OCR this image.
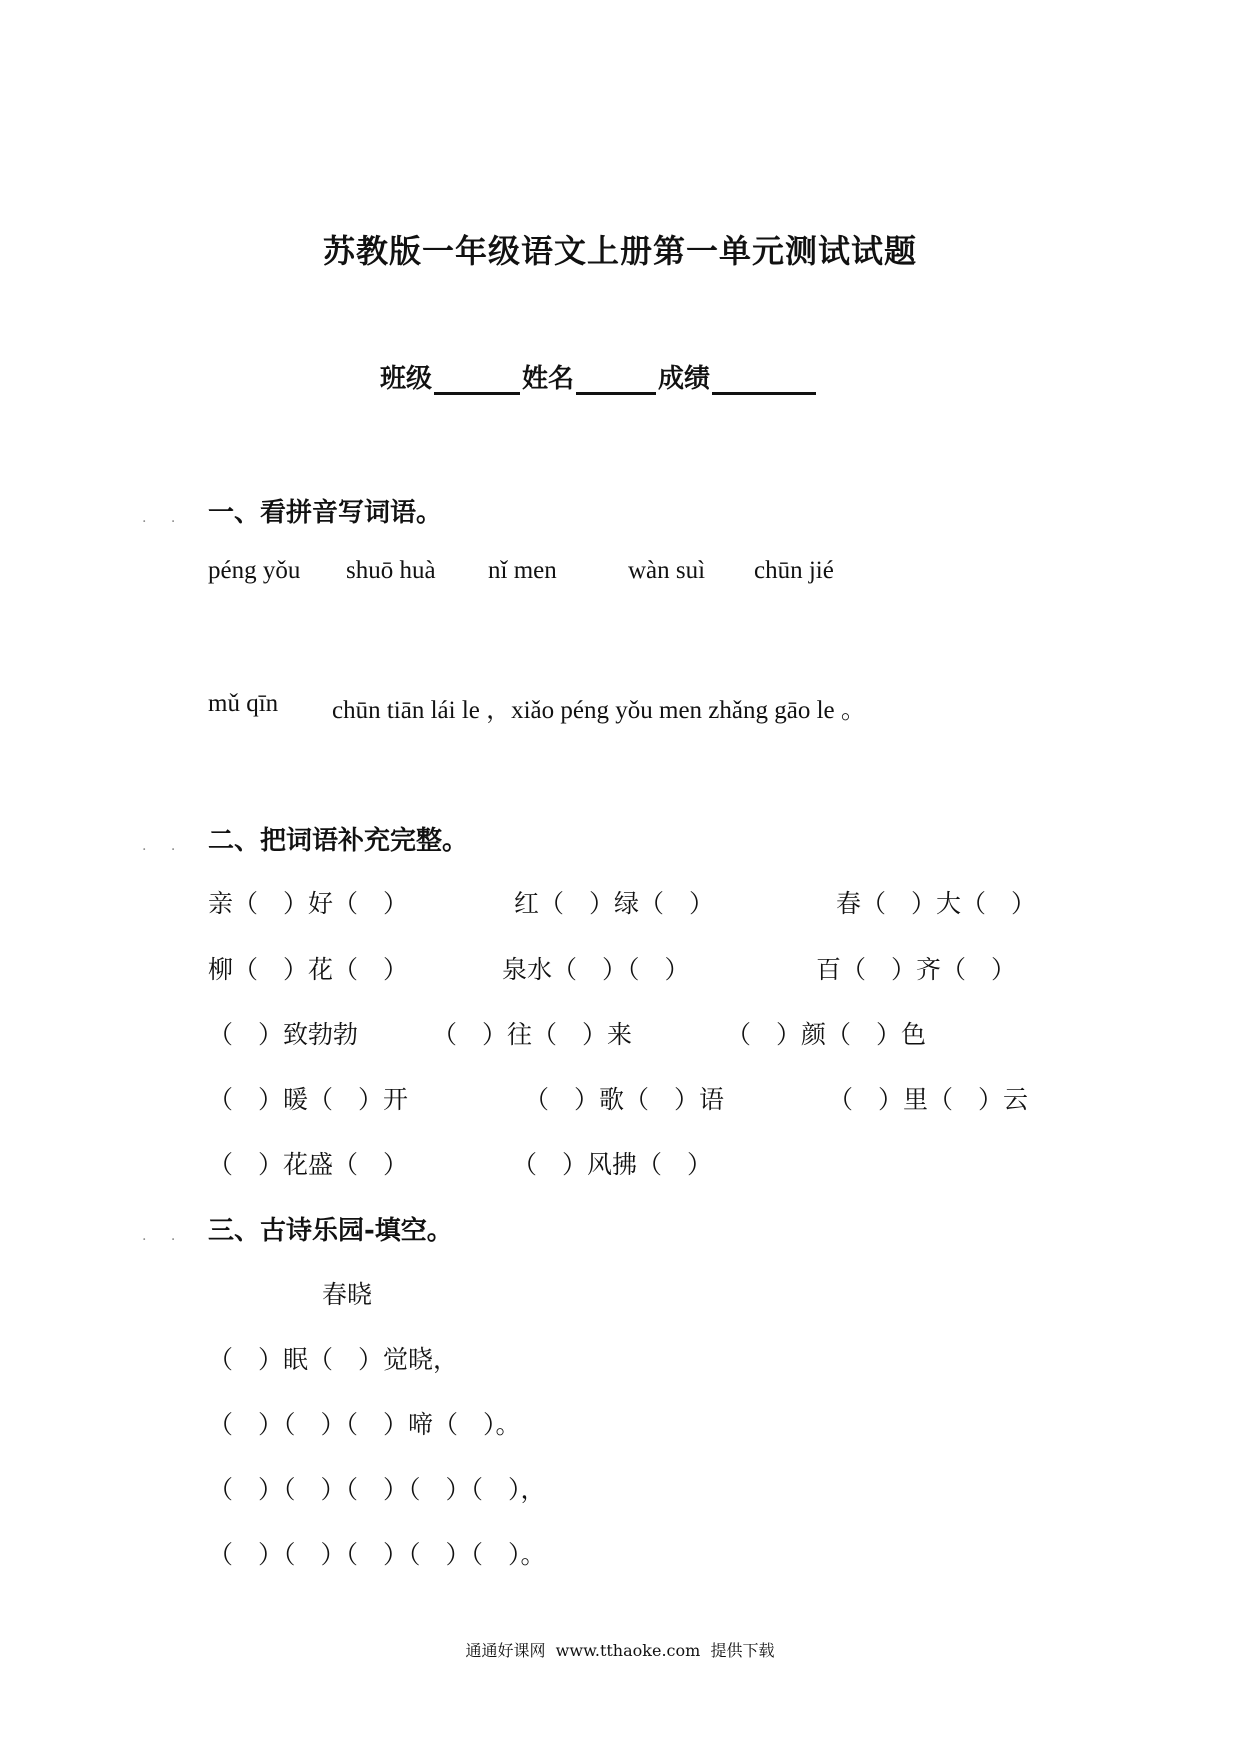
苏教版一年级语文上册第一单元测试试题
班级	姓名	成绩
. . 一、看拼音写词语。
péng yǒu shuō huà nǐ men	wàn suì chūn jié
mǔ qīn chūn tiān lái le ，xiǎo péng yǒu men zhǎng gāo le 。
. . 二、把词语补充完整。
亲（　）好（　）	红（　）绿（　）	春（　）大（　）
柳（　）花（　）	泉水（　）（　）	百（　）齐（　）
（　）致勃勃	（　）往（　）来	（　）颜（　）色
（　）暖（　）开	（　）歌（　）语	（　）里（　）云
（　）花盛（　）	（　）风拂（　）
. . 三、古诗乐园-填空。
春晓
（　）眠（　）觉晓，
（　）（　）（　）啼（　）。
（　）（　）（　）（　）（　），
（　）（　）（　）（　）（　）。
通通好课网  www.tthaoke.com  提供下载
